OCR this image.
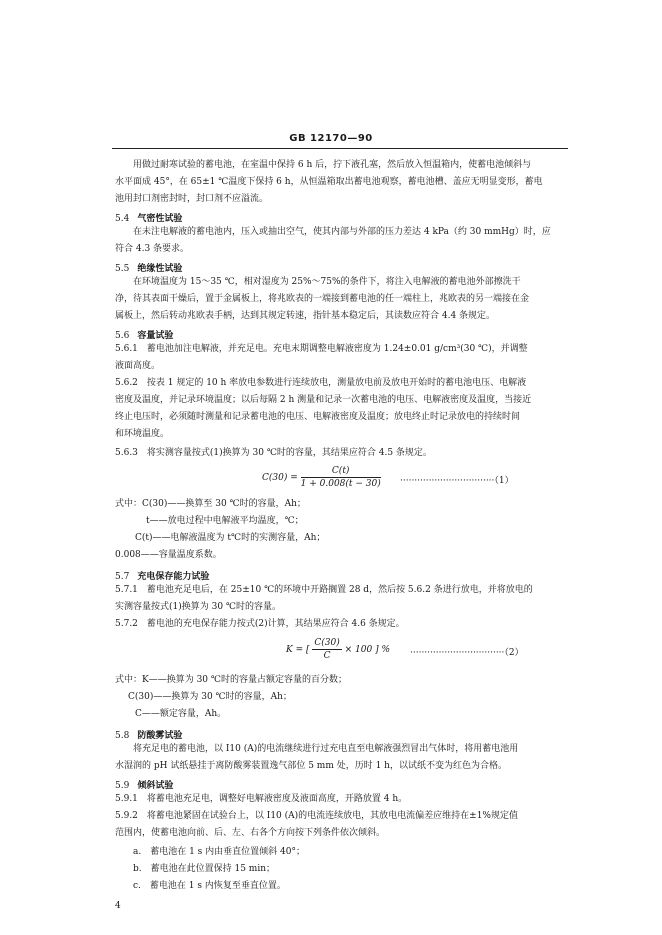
GB 12170—90
用做过耐寒试验的蓄电池，在室温中保持 6 h 后，拧下液孔塞，然后放入恒温箱内，使蓄电池倾斜与
水平面成 45°，在 65±1 ℃温度下保持 6 h，从恒温箱取出蓄电池观察，蓄电池槽、盖应无明显变形，蓄电
池用封口剂密封时，封口剂不应溢流。
5.4 气密性试验
在未注电解液的蓄电池内，压入或抽出空气，使其内部与外部的压力差达 4 kPa（约 30 mmHg）时，应
符合 4.3 条要求。
5.5 绝缘性试验
在环境温度为 15～35 ℃，相对湿度为 25%～75%的条件下，将注入电解液的蓄电池外部擦洗干
净，待其表面干燥后，置于金属板上，将兆欧表的一端接到蓄电池的任一端柱上，兆欧表的另一端接在金
属板上，然后转动兆欧表手柄，达到其规定转速，指针基本稳定后，其读数应符合 4.4 条规定。
5.6 容量试验
5.6.1　蓄电池加注电解液，并充足电。充电末期调整电解液密度为 1.24±0.01 g/cm³(30 ℃)，并调整
液面高度。
5.6.2　按表 1 规定的 10 h 率放电参数进行连续放电，测量放电前及放电开始时的蓄电池电压、电解液
密度及温度，并记录环境温度；以后每隔 2 h 测量和记录一次蓄电池的电压、电解液密度及温度，当接近
终止电压时，必须随时测量和记录蓄电池的电压、电解液密度及温度；放电终止时记录放电的持续时间
和环境温度。
5.6.3　将实测容量按式(1)换算为 30 ℃时的容量，其结果应符合 4.5 条规定。
$C(30) = \frac{C(t)}{1 + 0.008(t - 30)} \cdot\cdot\cdot\cdot\cdot\cdot\cdot\cdot\cdot\cdot\cdot\cdot\cdot\cdot\cdot\cdot\cdot\cdot\cdot\cdot\cdot\cdot\cdot\cdot\cdot\cdot\cdot\cdot\cdot\cdot\cdot\cdot\cdot(1)$
式中：C(30)——换算至 30 ℃时的容量，Ah；
t——放电过程中电解液平均温度，℃；
C(t)——电解液温度为 t℃时的实测容量，Ah；
0.008——容量温度系数。
5.7 充电保存能力试验
5.7.1　蓄电池充足电后，在 25±10 ℃的环境中开路搁置 28 d，然后按 5.6.2 条进行放电，并将放电的
实测容量按式(1)换算为 30 ℃时的容量。
5.7.2　蓄电池的充电保存能力按式(2)计算，其结果应符合 4.6 条规定。
K = [ $\frac{C(30)}{C} \times 100$ ] % ·································（2）
式中：K——换算为 30 ℃时的容量占额定容量的百分数；
C(30)——换算为 30 ℃时的容量，Ah；
C——额定容量，Ah。
5.8 防酸雾试验
将充足电的蓄电池，以 I10 (A)的电流继续进行过充电直至电解液强烈冒出气体时，将用蓄电池用
水湿润的 pH 试纸悬挂于离防酸雾装置逸气部位 5 mm 处，历时 1 h，以试纸不变为红色为合格。
5.9 倾斜试验
5.9.1　将蓄电池充足电，调整好电解液密度及液面高度，开路放置 4 h。
5.9.2　将蓄电池紧固在试验台上，以 I10 (A)的电流连续放电，其放电电流偏差应维持在±1%规定值
范围内，使蓄电池向前、后、左、右各个方向按下列条件依次倾斜。
a.　蓄电池在 1 s 内由垂直位置倾斜 40°；
b.　蓄电池在此位置保持 15 min；
c.　蓄电池在 1 s 内恢复至垂直位置。
4
